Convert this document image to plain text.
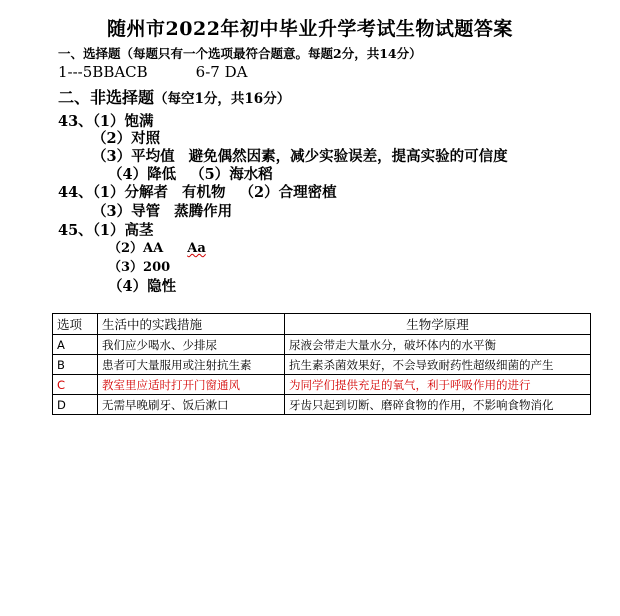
随州市2022年初中毕业升学考试生物试题答案
一、选择题（每题只有一个选项最符合题意。每题2分，共14分）
1---5BBACB	6-7 DA
二、非选择题（每空1分，共16分）
43、（1）饱满
（2）对照
（3）平均值 避免偶然因素，减少实验误差，提高实验的可信度
（4）降低 （5）海水稻
44、（1）分解者 有机物 （2）合理密植
（3）导管 蒸腾作用
45、（1）高茎
（2）AA Aa
（3）200
（4）隐性
选项	生活中的实践措施	生物学原理
A	我们应少喝水、少排尿	尿液会带走大量水分，破坏体内的水平衡
B	患者可大量服用或注射抗生素	抗生素杀菌效果好，不会导致耐药性超级细菌的产生
C	教室里应适时打开门窗通风	为同学们提供充足的氧气，利于呼吸作用的进行
D	无需早晚刷牙、饭后漱口	牙齿只起到切断、磨碎食物的作用，不影响食物消化
